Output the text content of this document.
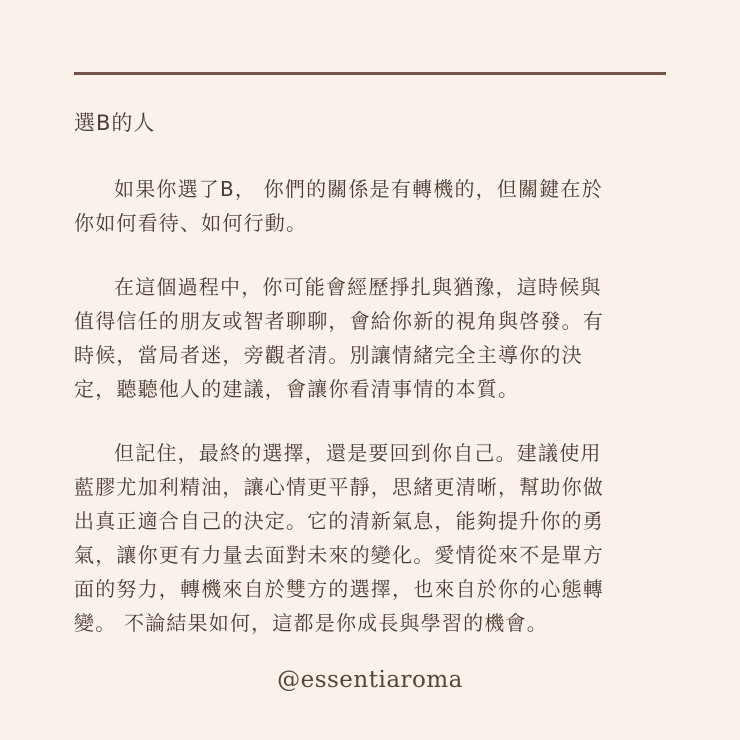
選B的人
如果你選了B， 你們的關係是有轉機的，但關鍵在於
你如何看待、如何行動。
在這個過程中，你可能會經歷掙扎與猶豫，這時候與
值得信任的朋友或智者聊聊，會給你新的視角與啓發。有
時候，當局者迷，旁觀者清。別讓情緒完全主導你的決
定，聽聽他人的建議，會讓你看清事情的本質。
但記住，最終的選擇，還是要回到你自己。建議使用
藍膠尤加利精油，讓心情更平靜，思緒更清晰，幫助你做
出真正適合自己的決定。它的清新氣息，能夠提升你的勇
氣，讓你更有力量去面對未來的變化。愛情從來不是單方
面的努力，轉機來自於雙方的選擇，也來自於你的心態轉
變。 不論結果如何，這都是你成長與學習的機會。
@essentiaroma
